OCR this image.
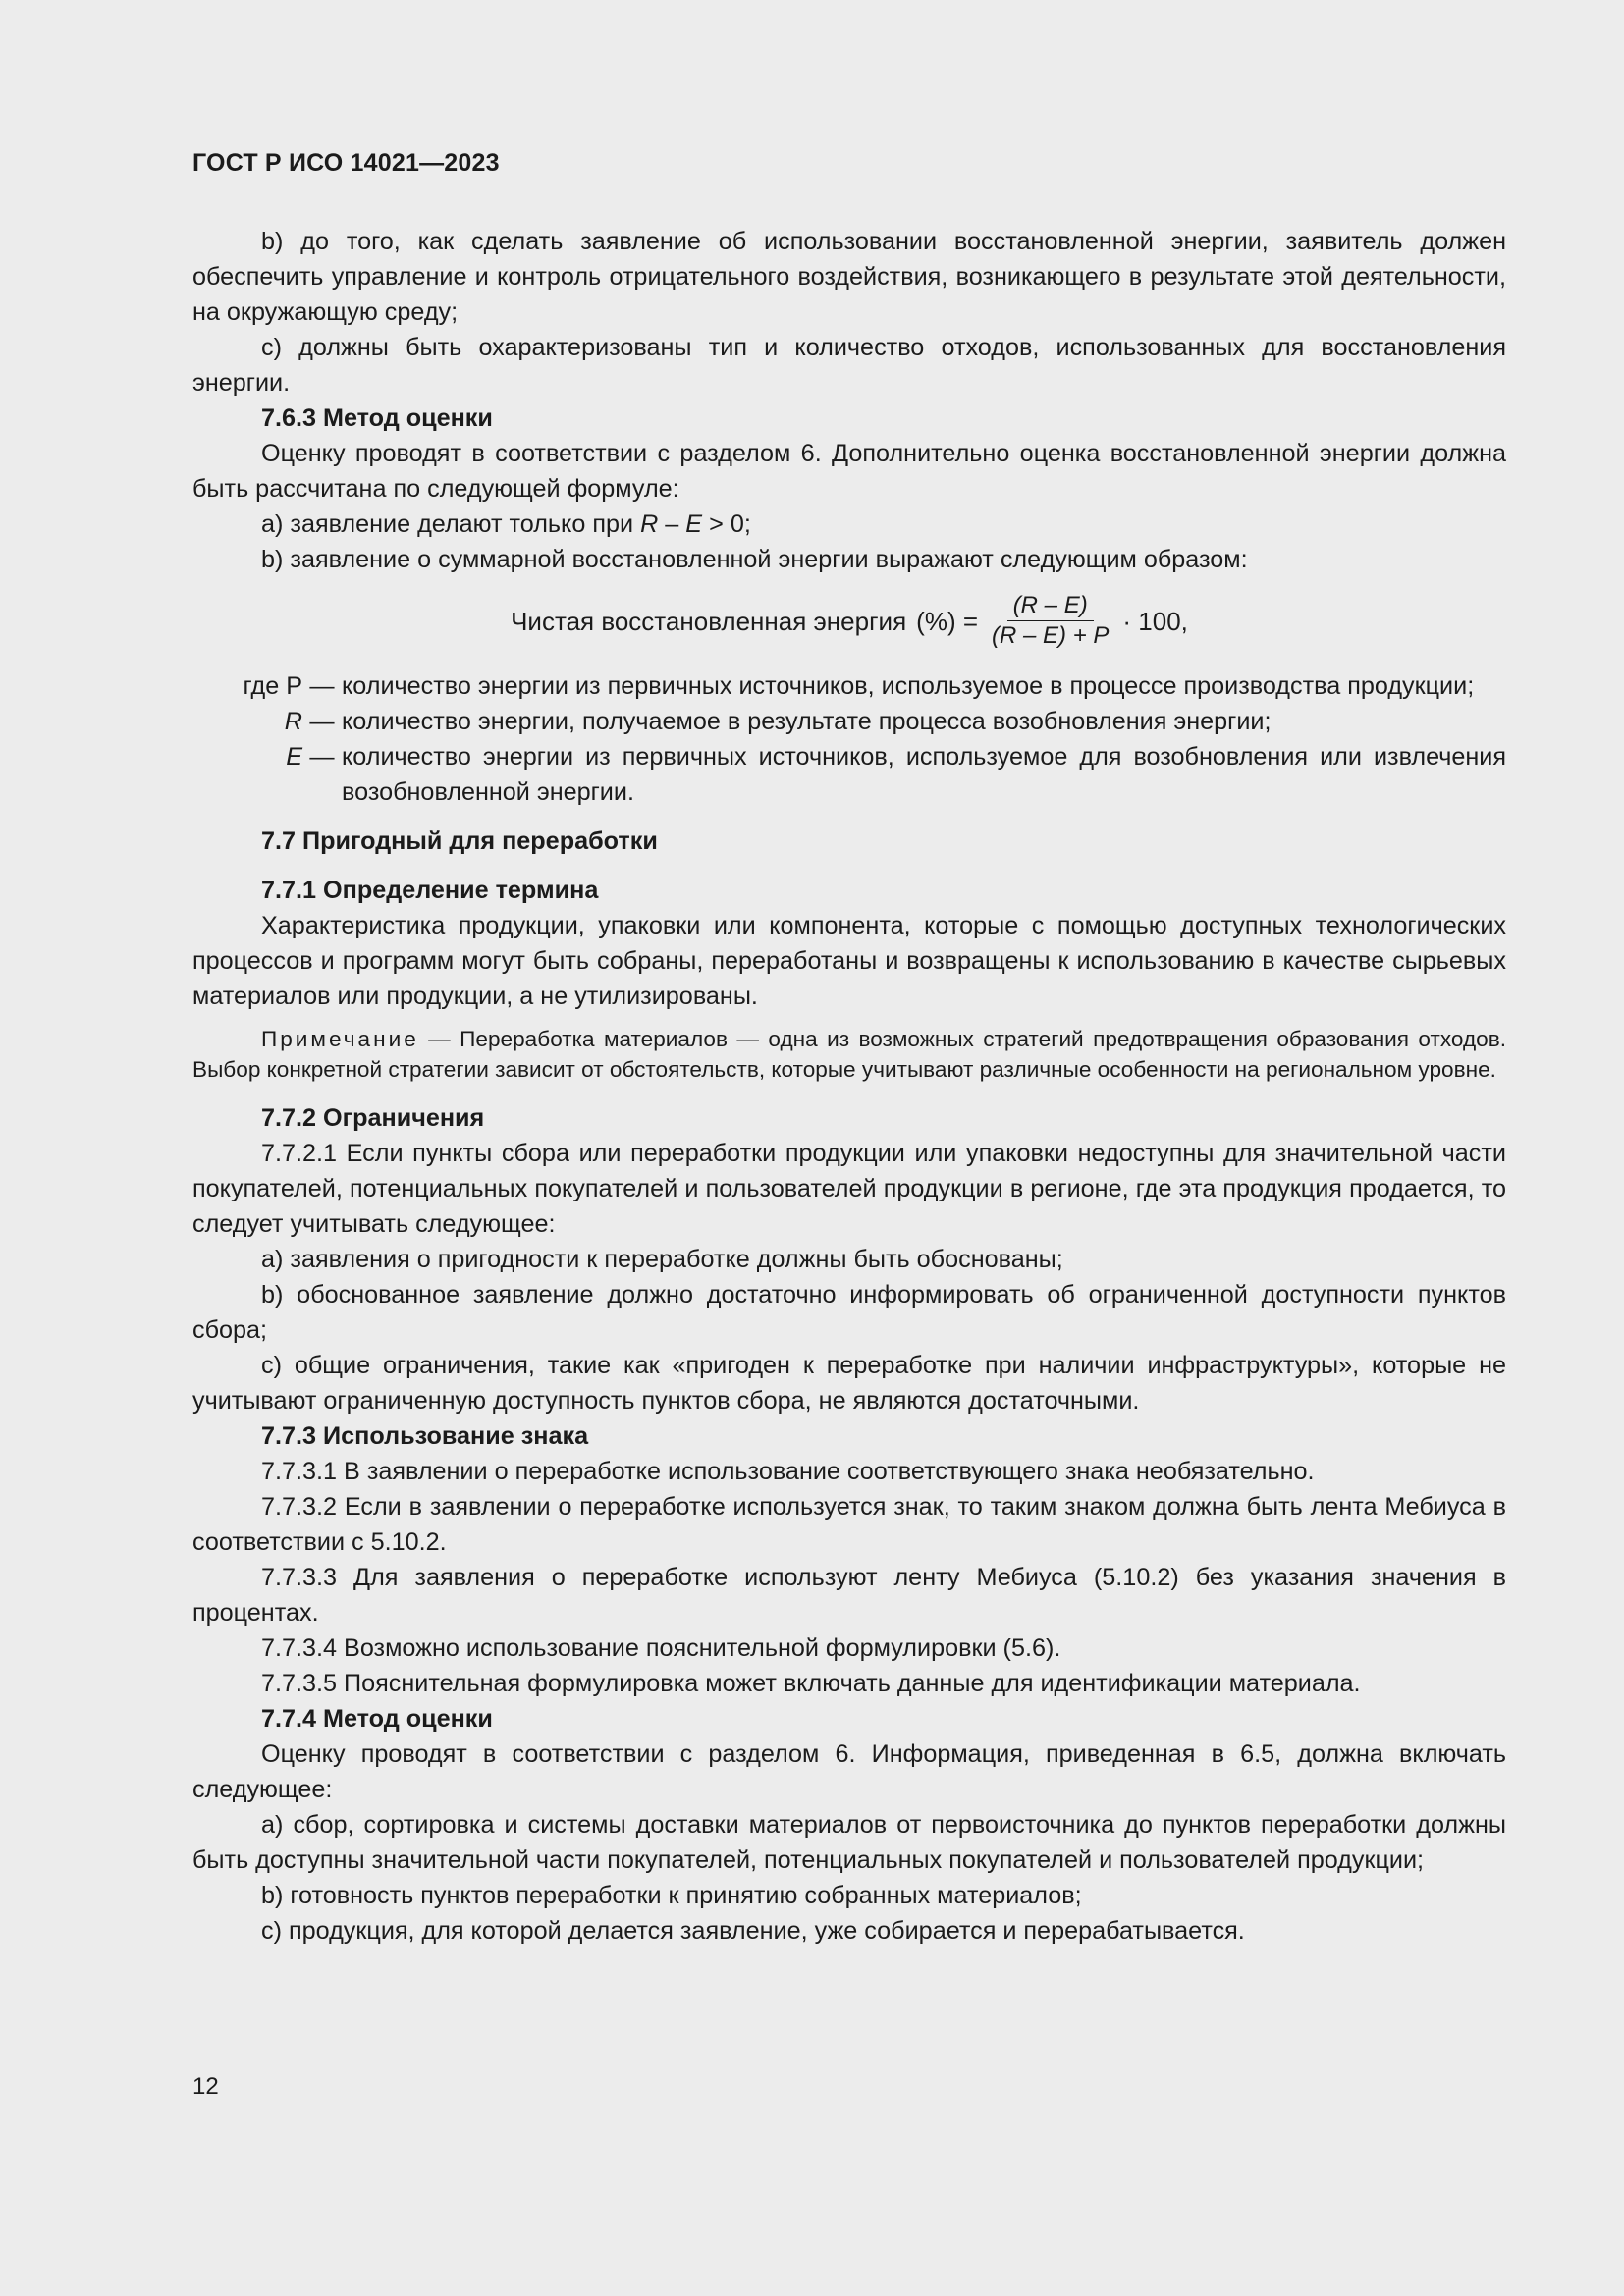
ГОСТ Р ИСО 14021—2023

b) до того, как сделать заявление об использовании восстановленной энергии, заявитель должен обеспечить управление и контроль отрицательного воздействия, возникающего в результате этой деятельности, на окружающую среду;

c) должны быть охарактеризованы тип и количество отходов, использованных для восстановления энергии.

7.6.3 Метод оценки

Оценку проводят в соответствии с разделом 6. Дополнительно оценка восстановленной энергии должна быть рассчитана по следующей формуле:

a) заявление делают только при R – E > 0;

b) заявление о суммарной восстановленной энергии выражают следующим образом:

Чистая восстановленная энергия (%) = $\frac{(R - E)}{(R - E) + P} \cdot 100$,
где P — количество энергии из первичных источников, используемое в процессе производства продукции;
R — количество энергии, получаемое в результате процесса возобновления энергии;
E — количество энергии из первичных источников, используемое для возобновления или извлечения возобновленной энергии.

7.7 Пригодный для переработки

7.7.1 Определение термина

Характеристика продукции, упаковки или компонента, которые с помощью доступных технологических процессов и программ могут быть собраны, переработаны и возвращены к использованию в качестве сырьевых материалов или продукции, а не утилизированы.

Примечание — Переработка материалов — одна из возможных стратегий предотвращения образования отходов. Выбор конкретной стратегии зависит от обстоятельств, которые учитывают различные особенности на региональном уровне.

7.7.2 Ограничения

7.7.2.1 Если пункты сбора или переработки продукции или упаковки недоступны для значительной части покупателей, потенциальных покупателей и пользователей продукции в регионе, где эта продукция продается, то следует учитывать следующее:

a) заявления о пригодности к переработке должны быть обоснованы;

b) обоснованное заявление должно достаточно информировать об ограниченной доступности пунктов сбора;

c) общие ограничения, такие как «пригоден к переработке при наличии инфраструктуры», которые не учитывают ограниченную доступность пунктов сбора, не являются достаточными.

7.7.3 Использование знака

7.7.3.1 В заявлении о переработке использование соответствующего знака необязательно.

7.7.3.2 Если в заявлении о переработке используется знак, то таким знаком должна быть лента Мебиуса в соответствии с 5.10.2.

7.7.3.3 Для заявления о переработке используют ленту Мебиуса (5.10.2) без указания значения в процентах.

7.7.3.4 Возможно использование пояснительной формулировки (5.6).

7.7.3.5 Пояснительная формулировка может включать данные для идентификации материала.

7.7.4 Метод оценки

Оценку проводят в соответствии с разделом 6. Информация, приведенная в 6.5, должна включать следующее:

a) сбор, сортировка и системы доставки материалов от первоисточника до пунктов переработки должны быть доступны значительной части покупателей, потенциальных покупателей и пользователей продукции;

b) готовность пунктов переработки к принятию собранных материалов;

c) продукция, для которой делается заявление, уже собирается и перерабатывается.

12
